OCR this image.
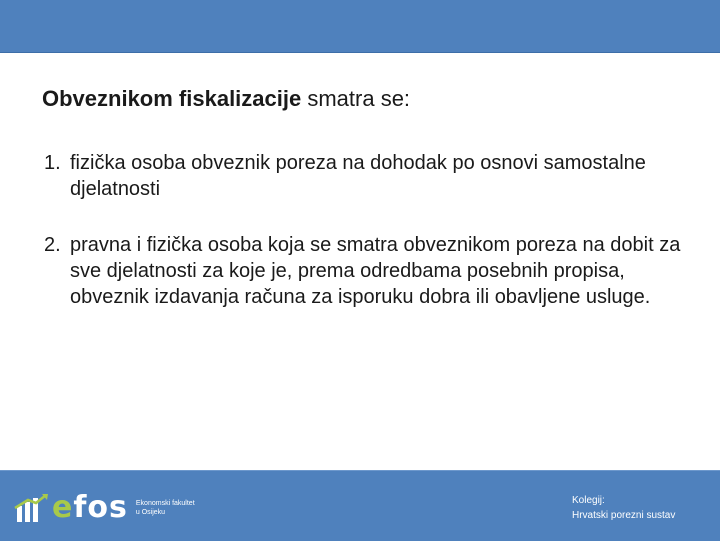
Obveznikom fiskalizacije smatra se:

1. fizička osoba obveznik poreza na dohodak po osnovi samostalne djelatnosti

2. pravna i fizička osoba koja se smatra obveznikom poreza na dobit za sve djelatnosti za koje je, prema odredbama posebnih propisa, obveznik izdavanja računa za isporuku dobra ili obavljene usluge.

efos Ekonomski fakultet
u Osijeku
Kolegij:
Hrvatski porezni sustav
